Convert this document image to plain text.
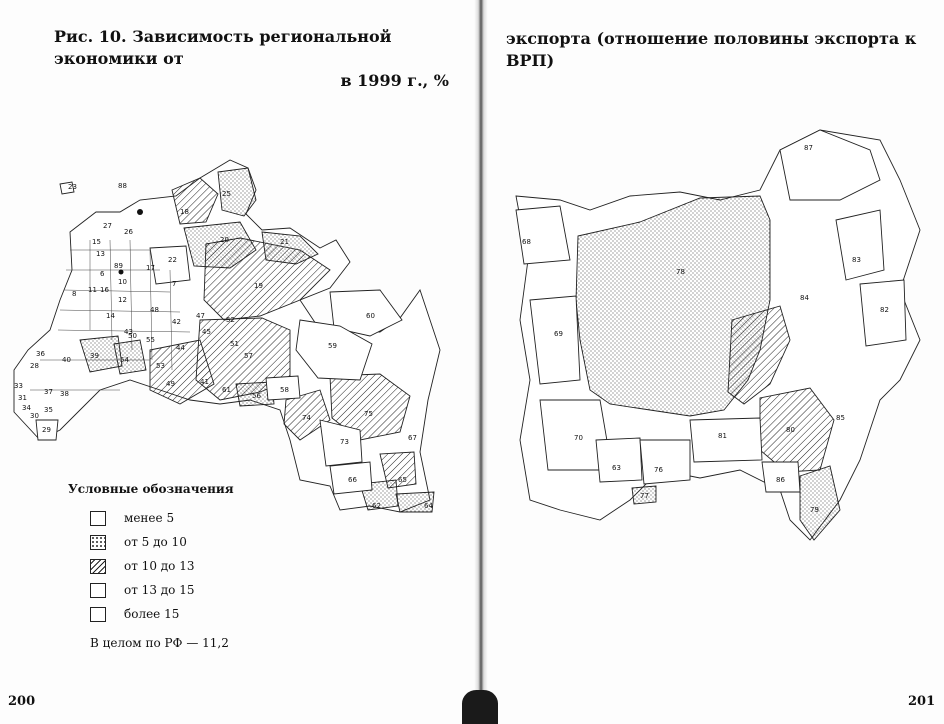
Рис. 10. Зависимость региональной экономики от
в 1999 г., %
экспорта (отношение половины экспорта к ВРП)
23	88
18
25
27
26
20	21
13
22
89
19
15
17
60
59
6
10	7
11 16
8
12
48
14	52
47
43
55
42
51
44
45
36	39	54
50
53
57
40
28
49	41
58
56
61
33
31
37 38
34
30
35
29
74	75
73	67
66	65
62	64
68
78
87
83
84
82
69
70	81
80
85
63	76
77
86
79
Условные обозначения
менее 5
от 5 до 10
от 10 до 13
от 13 до 15
более 15
В целом по РФ — 11,2
200	201
